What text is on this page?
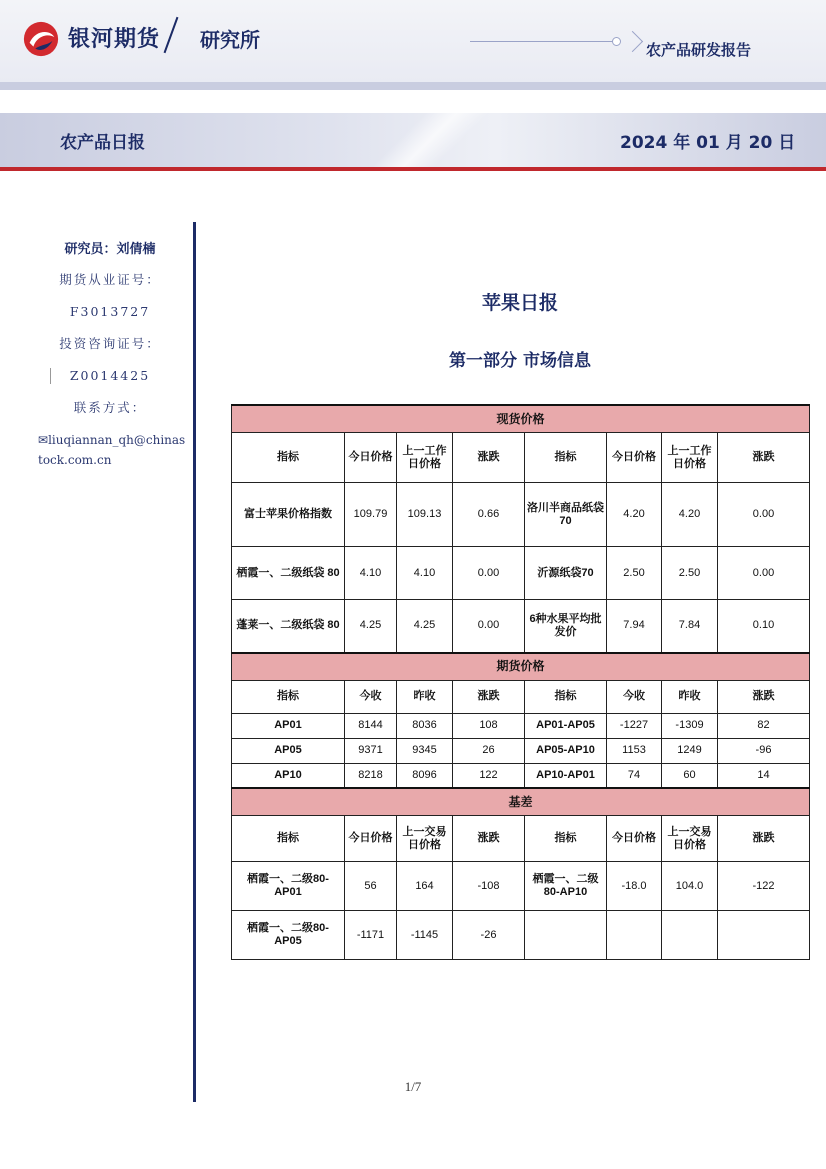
银河期货 研究所	农产品研发报告
农产品日报	2024 年 01 月 20 日
研究员：刘倩楠
期货从业证号：
F3013727
投资咨询证号：
Z0014425
联系方式：
✉liuqiannan_qh@chinastock.com.cn
苹果日报
第一部分 市场信息
现货价格							
指标	今日价格	上一工作日价格	涨跌	指标	今日价格	上一工作日价格	涨跌
富士苹果价格指数	109.79	109.13	0.66	洛川半商品纸袋70	4.20	4.20	0.00
栖霞一、二级纸袋 80	4.10	4.10	0.00	沂源纸袋70	2.50	2.50	0.00
蓬莱一、二级纸袋 80	4.25	4.25	0.00	6种水果平均批发价	7.94	7.84	0.10
期货价格							
指标	今收	昨收	涨跌	指标	今收	昨收	涨跌
AP01	8144	8036	108	AP01-AP05	-1227	-1309	82
AP05	9371	9345	26	AP05-AP10	1153	1249	-96
AP10	8218	8096	122	AP10-AP01	74	60	14
基差							
指标	今日价格	上一交易日价格	涨跌	指标	今日价格	上一交易日价格	涨跌
栖霞一、二级80-AP01	56	164	-108	栖霞一、二级80-AP10	-18.0	104.0	-122
栖霞一、二级80-AP05	-1171	-1145	-26				
1/7
